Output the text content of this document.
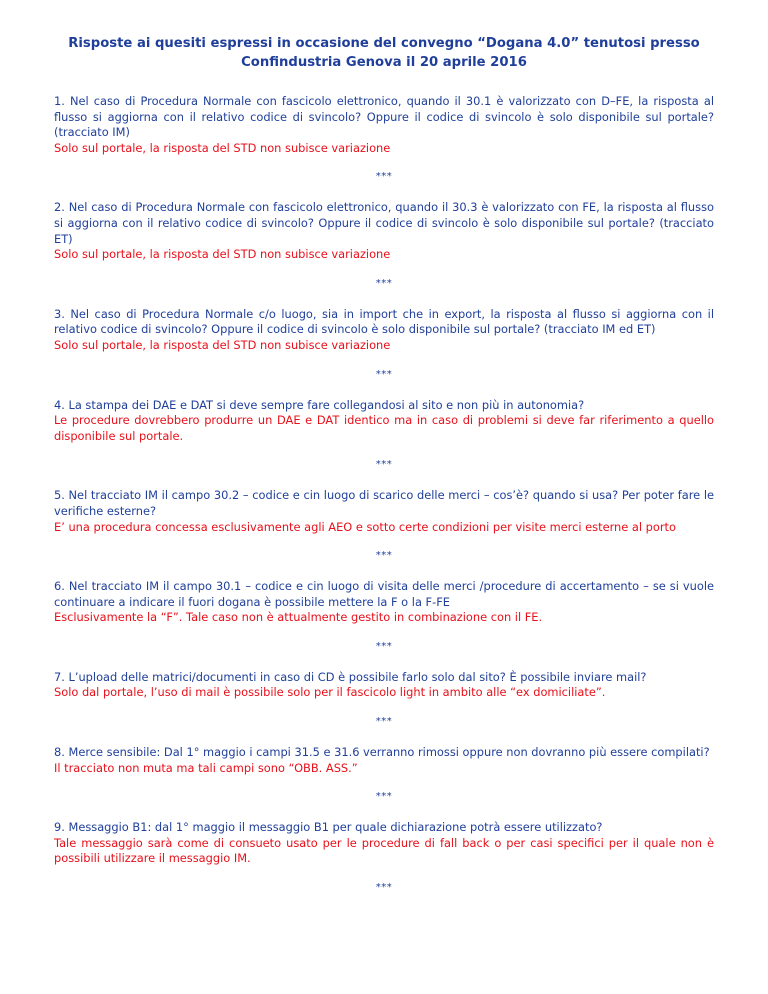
Risposte ai quesiti espressi in occasione del convegno “Dogana 4.0” tenutosi presso
Confindustria Genova il 20 aprile 2016

1. Nel caso di Procedura Normale con fascicolo elettronico, quando il 30.1 è valorizzato con D–FE, la risposta al flusso si aggiorna con il relativo codice di svincolo? Oppure il codice di svincolo è solo disponibile sul portale? (tracciato IM)

Solo sul portale, la risposta del STD non subisce variazione

***

2. Nel caso di Procedura Normale con fascicolo elettronico, quando il 30.3 è valorizzato con FE, la risposta al flusso si aggiorna con il relativo codice di svincolo? Oppure il codice di svincolo è solo disponibile sul portale? (tracciato ET)

Solo sul portale, la risposta del STD non subisce variazione

***

3. Nel caso di Procedura Normale c/o luogo, sia in import che in export, la risposta al flusso si aggiorna con il relativo codice di svincolo? Oppure il codice di svincolo è solo disponibile sul portale? (tracciato IM ed ET)

Solo sul portale, la risposta del STD non subisce variazione

***

4. La stampa dei DAE e DAT si deve sempre fare collegandosi al sito e non più in autonomia?

Le procedure dovrebbero produrre un DAE e DAT identico ma in caso di problemi si deve far riferimento a quello disponibile sul portale.

***

5. Nel tracciato IM il campo 30.2 – codice e cin luogo di scarico delle merci – cos’è? quando si usa? Per poter fare le verifiche esterne?

E’ una procedura concessa esclusivamente agli AEO e sotto certe condizioni per visite merci esterne al porto

***

6. Nel tracciato IM il campo 30.1 – codice e cin luogo di visita delle merci /procedure di accertamento – se si vuole continuare a indicare il fuori dogana è possibile mettere la F o la F-FE

Esclusivamente la “F”. Tale caso non è attualmente gestito in combinazione con il FE.

***

7. L’upload delle matrici/documenti in caso di CD è possibile farlo solo dal sito? È possibile inviare mail?

Solo dal portale, l’uso di mail è possibile solo per il fascicolo light in ambito alle “ex domiciliate”.

***

8. Merce sensibile: Dal 1° maggio i campi 31.5 e 31.6 verranno rimossi oppure non dovranno più essere compilati?

Il tracciato non muta ma tali campi sono “OBB. ASS.”

***

9. Messaggio B1: dal 1° maggio il messaggio B1 per quale dichiarazione potrà essere utilizzato?

Tale messaggio sarà come di consueto usato per le procedure di fall back o per casi specifici per il quale non è possibili utilizzare il messaggio IM.

***
